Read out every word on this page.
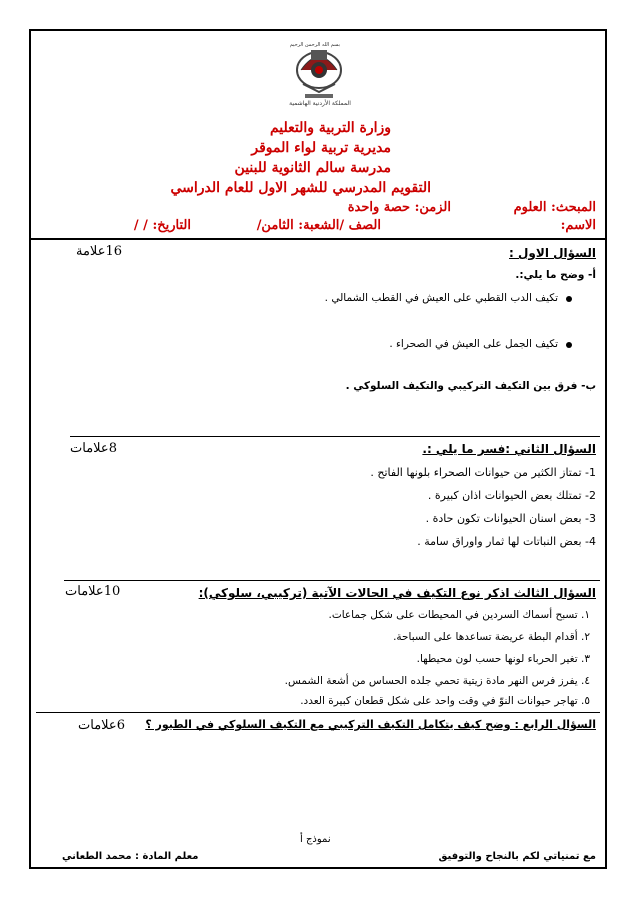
بسم الله الرحمن الرحيم
المملكة الأردنية الهاشمية
وزارة التربية والتعليم
مديرية تربية لواء الموقر
مدرسة سالم الثانوية للبنين
التقويم المدرسي للشهر الاول للعام الدراسي
المبحث: العلوم
الزمن: حصة واحدة
الاسم:
الصف /الشعبة: الثامن/
التاريخ: / /
السؤال الاول :
16علامة
أ- وضح ما يلي:.
تكيف الدب القطبي على العيش في القطب الشمالي .
تكيف الجمل على العيش في الصحراء .
ب- فرق بين التكيف التركيبي والتكيف السلوكي .
السؤال الثاني :فسر ما يلي :.
8علامات
1- تمتاز الكثير من حيوانات الصحراء بلونها الفاتح .
2- تمتلك بعض الحيوانات اذان كبيرة .
3- بعض اسنان الحيوانات تكون حادة .
4- بعض النباتات لها ثمار واوراق سامة .
السؤال الثالث اذكر نوع التكيف في الحالات الآتية (تركيبي، سلوكي):
10علامات
١. تسبح أسماك السردين في المحيطات على شكل جماعات.
٢. أقدام البطة عريضة تساعدها على السباحة.
٣. تغير الحرباء لونها حسب لون محيطها.
٤. يفرز فرس النهر مادة زيتية تحمي جلده الحساس من أشعة الشمس.
٥. تهاجر حيوانات النوّ في وقت واحد على شكل قطعان كبيرة العدد.
السؤال الرابع : وضح كيف يتكامل التكيف التركيبي مع التكيف السلوكي في الطيور ؟
6علامات
نموذج أ
مع تمنياتي لكم بالنجاح والتوفيق
معلم المادة : محمد الطعاني
